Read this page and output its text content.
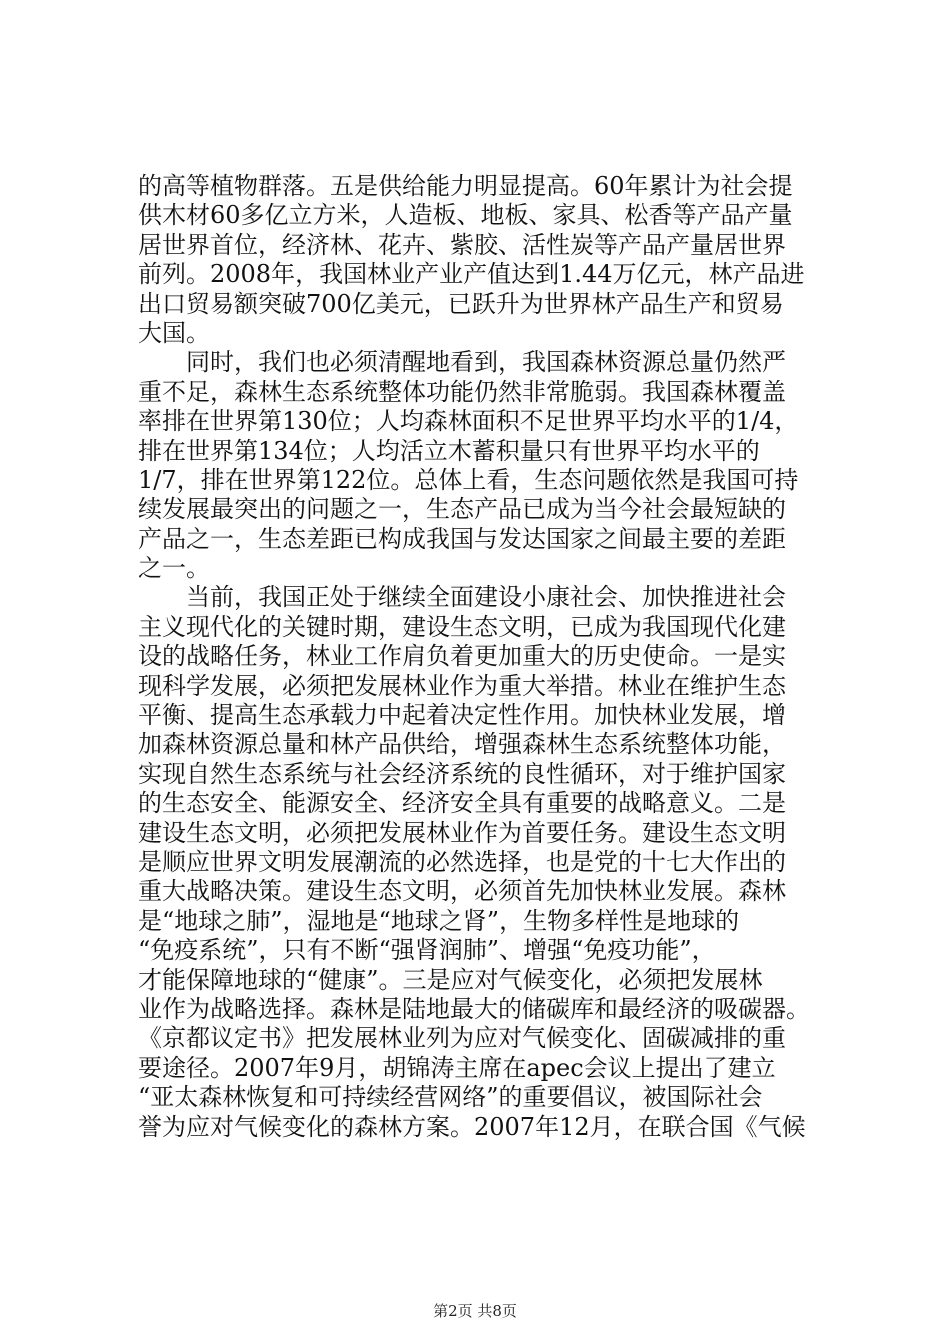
的高等植物群落。五是供给能力明显提高。60年累计为社会提
供木材60多亿立方米，人造板、地板、家具、松香等产品产量
居世界首位，经济林、花卉、紫胶、活性炭等产品产量居世界
前列。2008年，我国林业产业产值达到1.44万亿元，林产品进
出口贸易额突破700亿美元，已跃升为世界林产品生产和贸易
大国。
　　同时，我们也必须清醒地看到，我国森林资源总量仍然严
重不足，森林生态系统整体功能仍然非常脆弱。我国森林覆盖
率排在世界第130位；人均森林面积不足世界平均水平的1/4，
排在世界第134位；人均活立木蓄积量只有世界平均水平的
1/7，排在世界第122位。总体上看，生态问题依然是我国可持
续发展最突出的问题之一，生态产品已成为当今社会最短缺的
产品之一，生态差距已构成我国与发达国家之间最主要的差距
之一。
　　当前，我国正处于继续全面建设小康社会、加快推进社会
主义现代化的关键时期，建设生态文明，已成为我国现代化建
设的战略任务，林业工作肩负着更加重大的历史使命。一是实
现科学发展，必须把发展林业作为重大举措。林业在维护生态
平衡、提高生态承载力中起着决定性作用。加快林业发展，增
加森林资源总量和林产品供给，增强森林生态系统整体功能，
实现自然生态系统与社会经济系统的良性循环，对于维护国家
的生态安全、能源安全、经济安全具有重要的战略意义。二是
建设生态文明，必须把发展林业作为首要任务。建设生态文明
是顺应世界文明发展潮流的必然选择，也是党的十七大作出的
重大战略决策。建设生态文明，必须首先加快林业发展。森林
是“地球之肺”，湿地是“地球之肾”，生物多样性是地球的
“免疫系统”，只有不断“强肾润肺”、增强“免疫功能”，
才能保障地球的“健康”。三是应对气候变化，必须把发展林
业作为战略选择。森林是陆地最大的储碳库和最经济的吸碳器。
《京都议定书》把发展林业列为应对气候变化、固碳减排的重
要途径。2007年9月，胡锦涛主席在apec会议上提出了建立
“亚太森林恢复和可持续经营网络”的重要倡议，被国际社会
誉为应对气候变化的森林方案。2007年12月，在联合国《气候
第2页 共8页
